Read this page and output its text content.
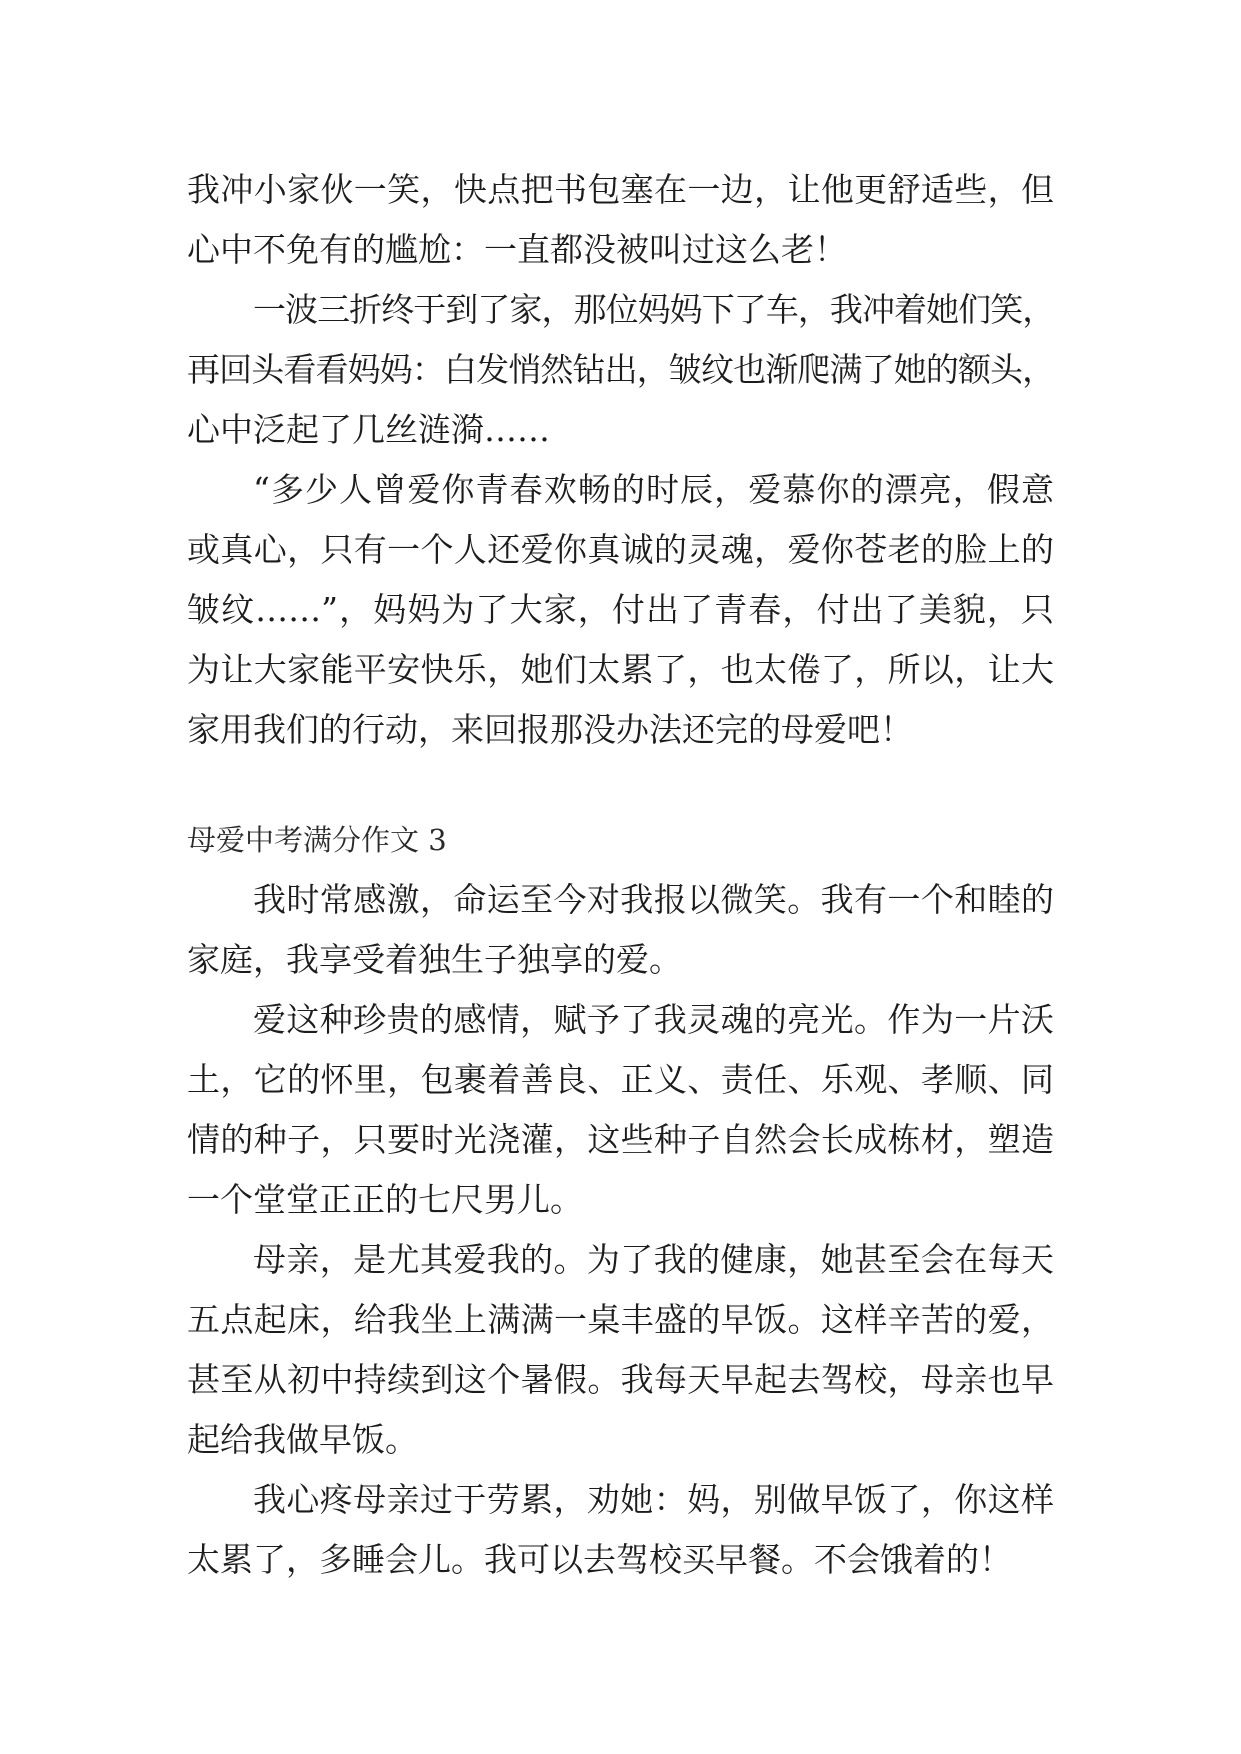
我冲小家伙一笑，快点把书包塞在一边，让他更舒适些，但
心中不免有的尴尬：一直都没被叫过这么老！
一波三折终于到了家，那位妈妈下了车，我冲着她们笑，
再回头看看妈妈：白发悄然钻出，皱纹也渐爬满了她的额头，
心中泛起了几丝涟漪……
“多少人曾爱你青春欢畅的时辰，爱慕你的漂亮，假意
或真心，只有一个人还爱你真诚的灵魂，爱你苍老的脸上的
皱纹……”，妈妈为了大家，付出了青春，付出了美貌，只
为让大家能平安快乐，她们太累了，也太倦了，所以，让大
家用我们的行动，来回报那没办法还完的母爱吧！
母爱中考满分作文 3
我时常感激，命运至今对我报以微笑。我有一个和睦的
家庭，我享受着独生子独享的爱。
爱这种珍贵的感情，赋予了我灵魂的亮光。作为一片沃
土，它的怀里，包裹着善良、正义、责任、乐观、孝顺、同
情的种子，只要时光浇灌，这些种子自然会长成栋材，塑造
一个堂堂正正的七尺男儿。
母亲，是尤其爱我的。为了我的健康，她甚至会在每天
五点起床，给我坐上满满一桌丰盛的早饭。这样辛苦的爱，
甚至从初中持续到这个暑假。我每天早起去驾校，母亲也早
起给我做早饭。
我心疼母亲过于劳累，劝她：妈，别做早饭了，你这样
太累了，多睡会儿。我可以去驾校买早餐。不会饿着的！
